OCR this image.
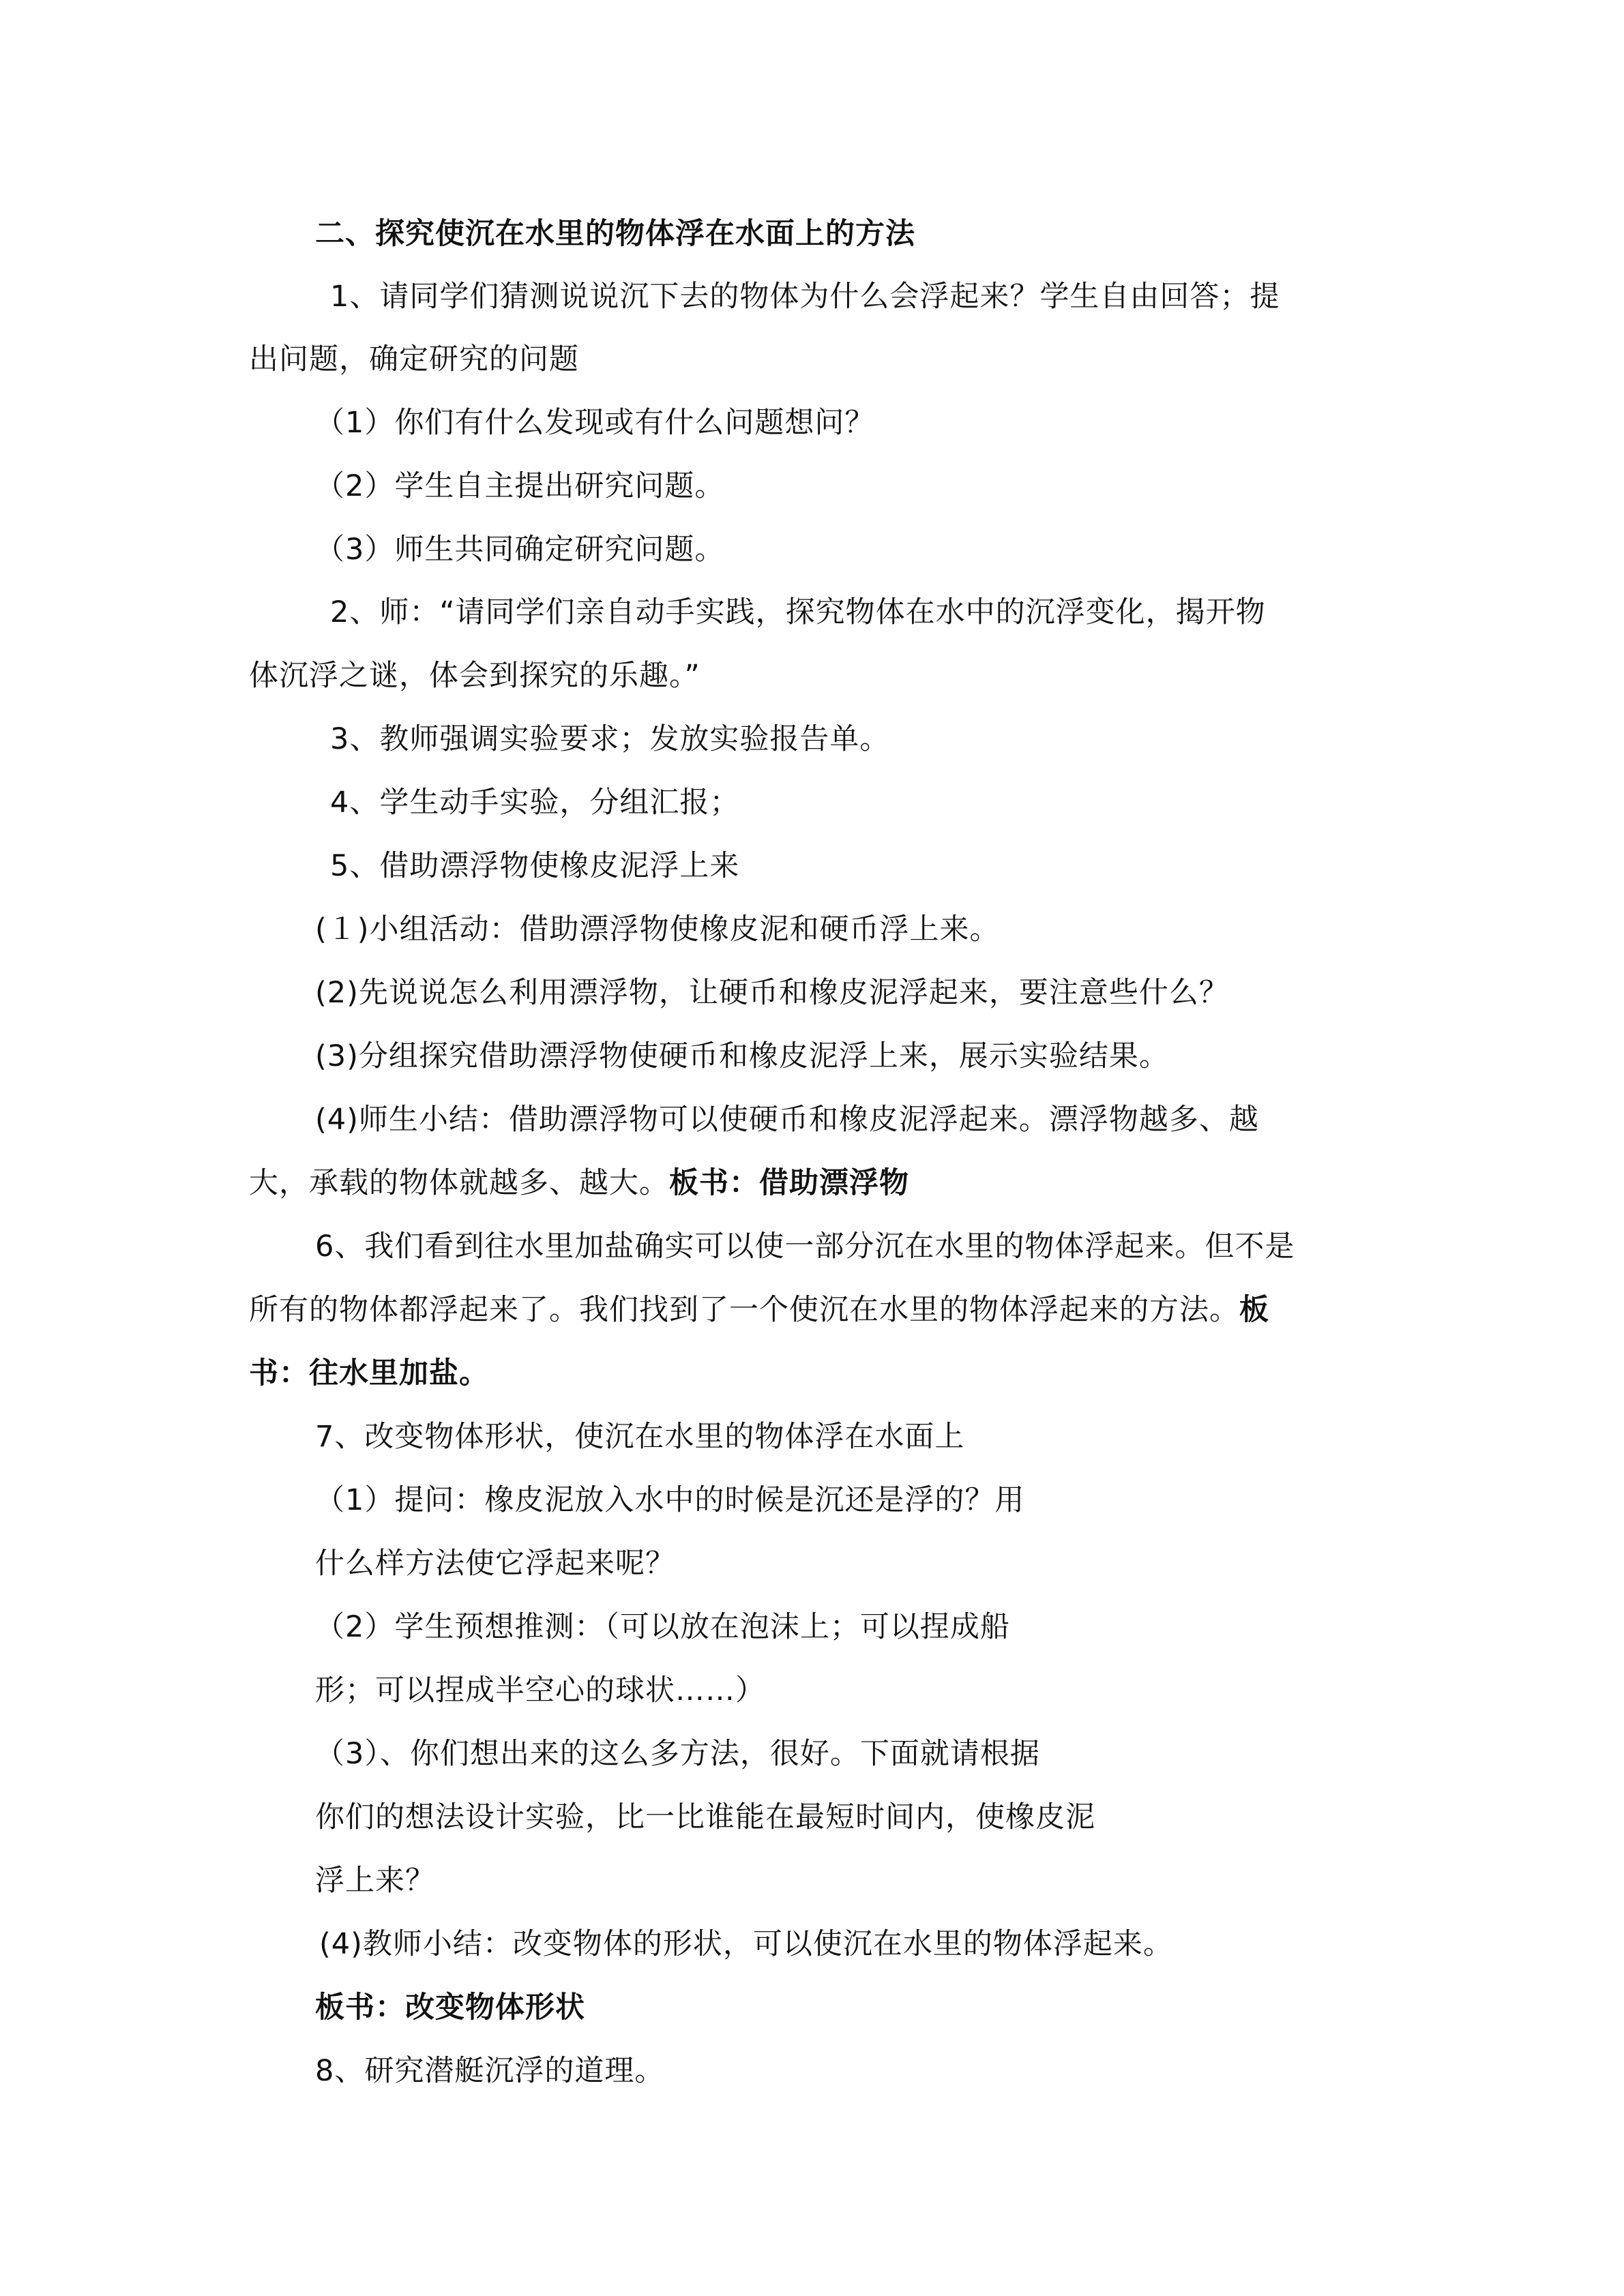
二、探究使沉在水里的物体浮在水面上的方法
1、请同学们猜测说说沉下去的物体为什么会浮起来？学生自由回答；提
出问题，确定研究的问题
（1）你们有什么发现或有什么问题想问？
（2）学生自主提出研究问题。
（3）师生共同确定研究问题。
2、师：“请同学们亲自动手实践，探究物体在水中的沉浮变化，揭开物
体沉浮之谜，体会到探究的乐趣。”
3、教师强调实验要求；发放实验报告单。
4、学生动手实验，分组汇报；
5、借助漂浮物使橡皮泥浮上来
(１)小组活动：借助漂浮物使橡皮泥和硬币浮上来。
(2)先说说怎么利用漂浮物，让硬币和橡皮泥浮起来，要注意些什么？
(3)分组探究借助漂浮物使硬币和橡皮泥浮上来，展示实验结果。
(4)师生小结：借助漂浮物可以使硬币和橡皮泥浮起来。漂浮物越多、越
大，承载的物体就越多、越大。板书：借助漂浮物
6、我们看到往水里加盐确实可以使一部分沉在水里的物体浮起来。但不是
所有的物体都浮起来了。我们找到了一个使沉在水里的物体浮起来的方法。板
书：往水里加盐。
7、改变物体形状，使沉在水里的物体浮在水面上
（1）提问：橡皮泥放入水中的时候是沉还是浮的？用
什么样方法使它浮起来呢？
（2）学生预想推测：（可以放在泡沫上；可以捏成船
形；可以捏成半空心的球状……）
（3）、你们想出来的这么多方法，很好。下面就请根据
你们的想法设计实验，比一比谁能在最短时间内，使橡皮泥
浮上来？
(4)教师小结：改变物体的形状，可以使沉在水里的物体浮起来。
板书：改变物体形状
8、研究潜艇沉浮的道理。
